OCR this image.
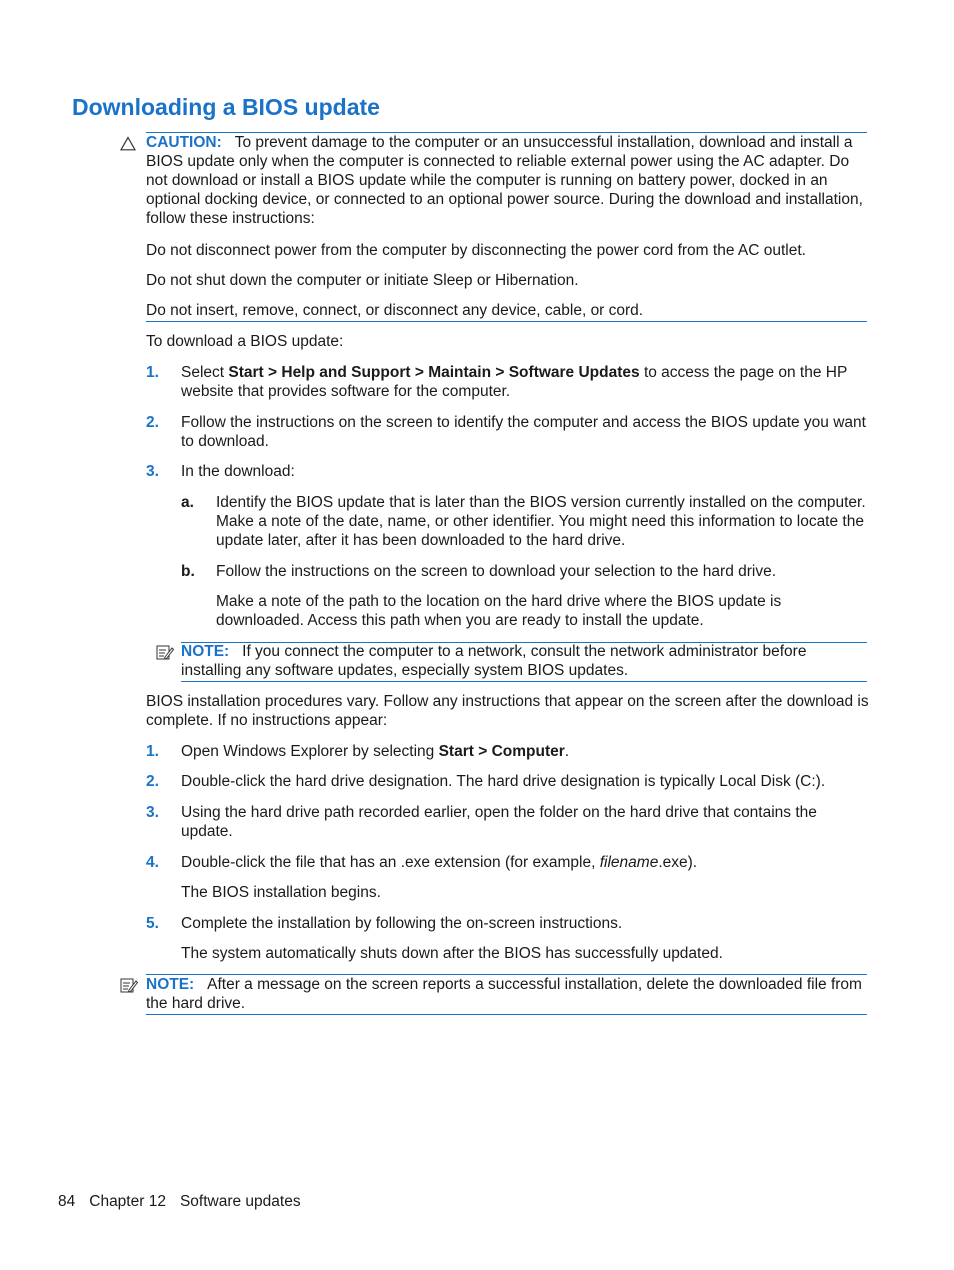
Downloading a BIOS update
CAUTION: To prevent damage to the computer or an unsuccessful installation, download and install a BIOS update only when the computer is connected to reliable external power using the AC adapter. Do not download or install a BIOS update while the computer is running on battery power, docked in an optional docking device, or connected to an optional power source. During the download and installation, follow these instructions:
Do not disconnect power from the computer by disconnecting the power cord from the AC outlet.
Do not shut down the computer or initiate Sleep or Hibernation.
Do not insert, remove, connect, or disconnect any device, cable, or cord.
To download a BIOS update:
1. Select Start > Help and Support > Maintain > Software Updates to access the page on the HP website that provides software for the computer.
2. Follow the instructions on the screen to identify the computer and access the BIOS update you want to download.
3. In the download:
a. Identify the BIOS update that is later than the BIOS version currently installed on the computer. Make a note of the date, name, or other identifier. You might need this information to locate the update later, after it has been downloaded to the hard drive.
b. Follow the instructions on the screen to download your selection to the hard drive.
Make a note of the path to the location on the hard drive where the BIOS update is downloaded. Access this path when you are ready to install the update.
NOTE: If you connect the computer to a network, consult the network administrator before installing any software updates, especially system BIOS updates.
BIOS installation procedures vary. Follow any instructions that appear on the screen after the download is complete. If no instructions appear:
1. Open Windows Explorer by selecting Start > Computer.
2. Double-click the hard drive designation. The hard drive designation is typically Local Disk (C:).
3. Using the hard drive path recorded earlier, open the folder on the hard drive that contains the update.
4. Double-click the file that has an .exe extension (for example, filename.exe).
The BIOS installation begins.
5. Complete the installation by following the on-screen instructions.
The system automatically shuts down after the BIOS has successfully updated.
NOTE: After a message on the screen reports a successful installation, delete the downloaded file from the hard drive.
84 Chapter 12 Software updates
